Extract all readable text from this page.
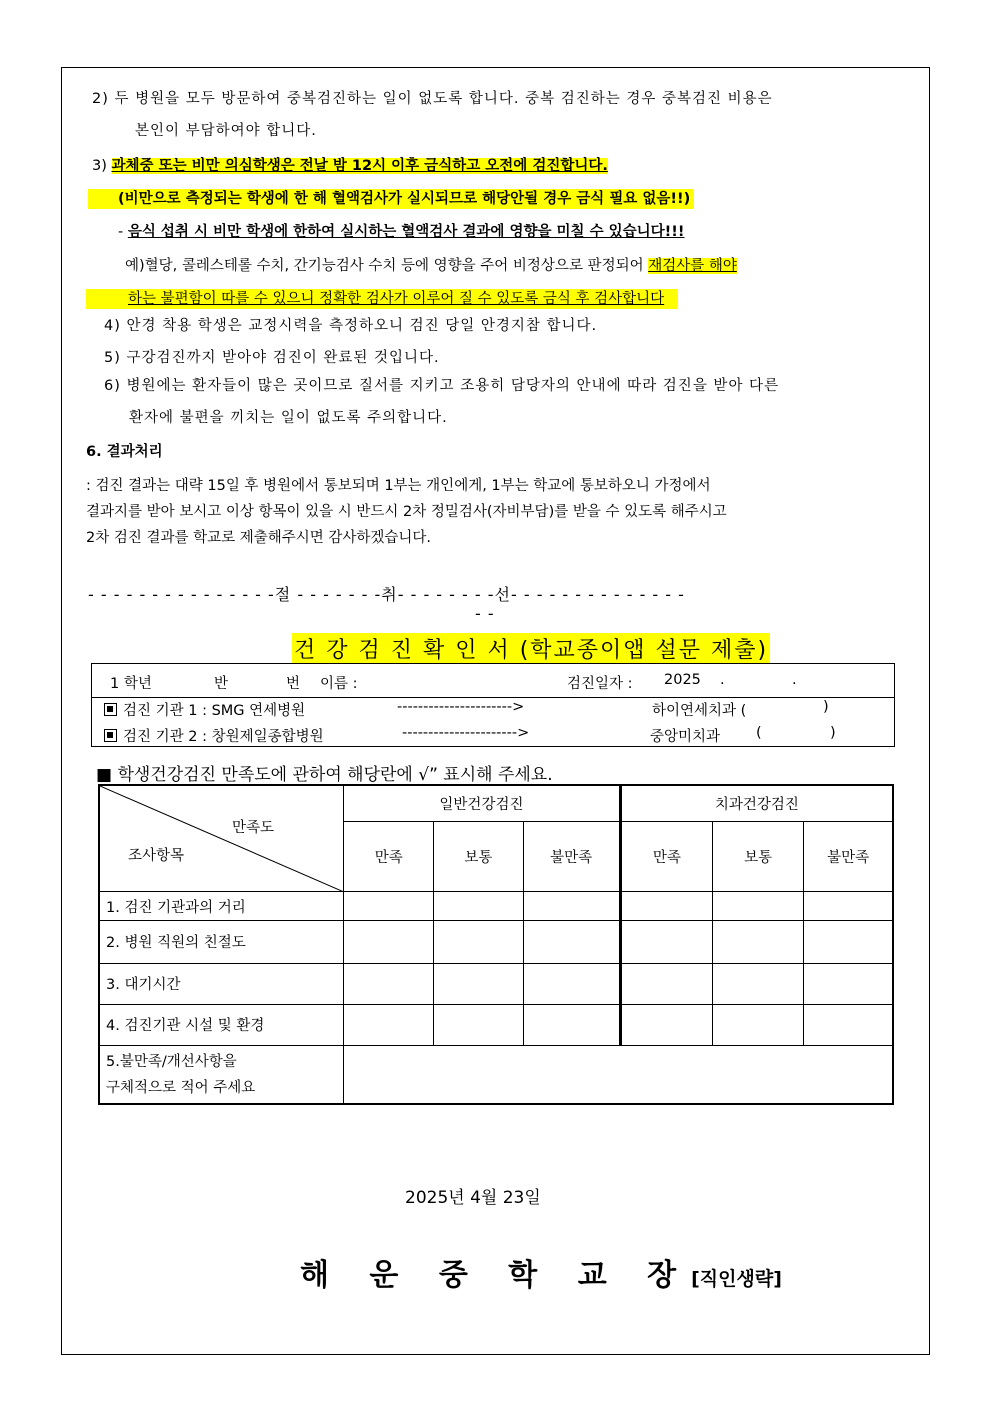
2) 두 병원을 모두 방문하여 중복검진하는 일이 없도록 합니다. 중복 검진하는 경우 중복검진 비용은
본인이 부담하여야 합니다.
3) 과체중 또는 비만 의심학생은 전날 밤 12시 이후 금식하고 오전에 검진합니다.
(비만으로 측정되는 학생에 한 해 혈액검사가 실시되므로 해당안될 경우 금식 필요 없음!!)
- 음식 섭취 시 비만 학생에 한하여 실시하는 혈액검사 결과에 영향을 미칠 수 있습니다!!!
예)혈당, 콜레스테롤 수치, 간기능검사 수치 등에 영향을 주어 비정상으로 판정되어 재검사를 해야
하는 불편함이 따를 수 있으니 정확한 검사가 이루어 질 수 있도록 금식 후 검사합니다
4) 안경 착용 학생은 교정시력을 측정하오니 검진 당일 안경지참 합니다.
5) 구강검진까지 받아야 검진이 완료된 것입니다.
6) 병원에는 환자들이 많은 곳이므로 질서를 지키고 조용히 담당자의 안내에 따라 검진을 받아 다른
환자에 불편을 끼치는 일이 없도록 주의합니다.
6. 결과처리
: 검진 결과는 대략 15일 후 병원에서 통보되며 1부는 개인에게, 1부는 학교에 통보하오니 가정에서
결과지를 받아 보시고 이상 항목이 있을 시 반드시 2차 정밀검사(자비부담)를 받을 수 있도록 해주시고
2차 검진 결과를 학교로 제출해주시면 감사하겠습니다.
- - - - - - - - - - - - - - -절 - - - - - - -취- - - - - - - -선- - - - - - - - - - - - - -
- -
건 강 검 진 확 인 서 (학교종이앱 설문 제출)
1 학년	반	번 이름 :	검진일자 : 2025 .	.
검진 기관 1 : SMG 연세병원	---------------------->	하이연세치과 (	)
검진 기관 2 : 창원제일종합병원	---------------------->	중앙미치과 (	)
■ 학생건강검진 만족도에 관하여 해당란에 √” 표시해 주세요.
만족도
조사항목	일반건강검진			치과건강검진		
	만족	보통	불만족	만족	보통	불만족
1. 검진 기관과의 거리						
2. 병원 직원의 친절도						
3. 대기시간						
4. 검진기관 시설 및 환경						

5.불만족/개선사항을
구체적으로 적어 주세요						

2025년 4월 23일
해 운 중 학 교 장[직인생략]
